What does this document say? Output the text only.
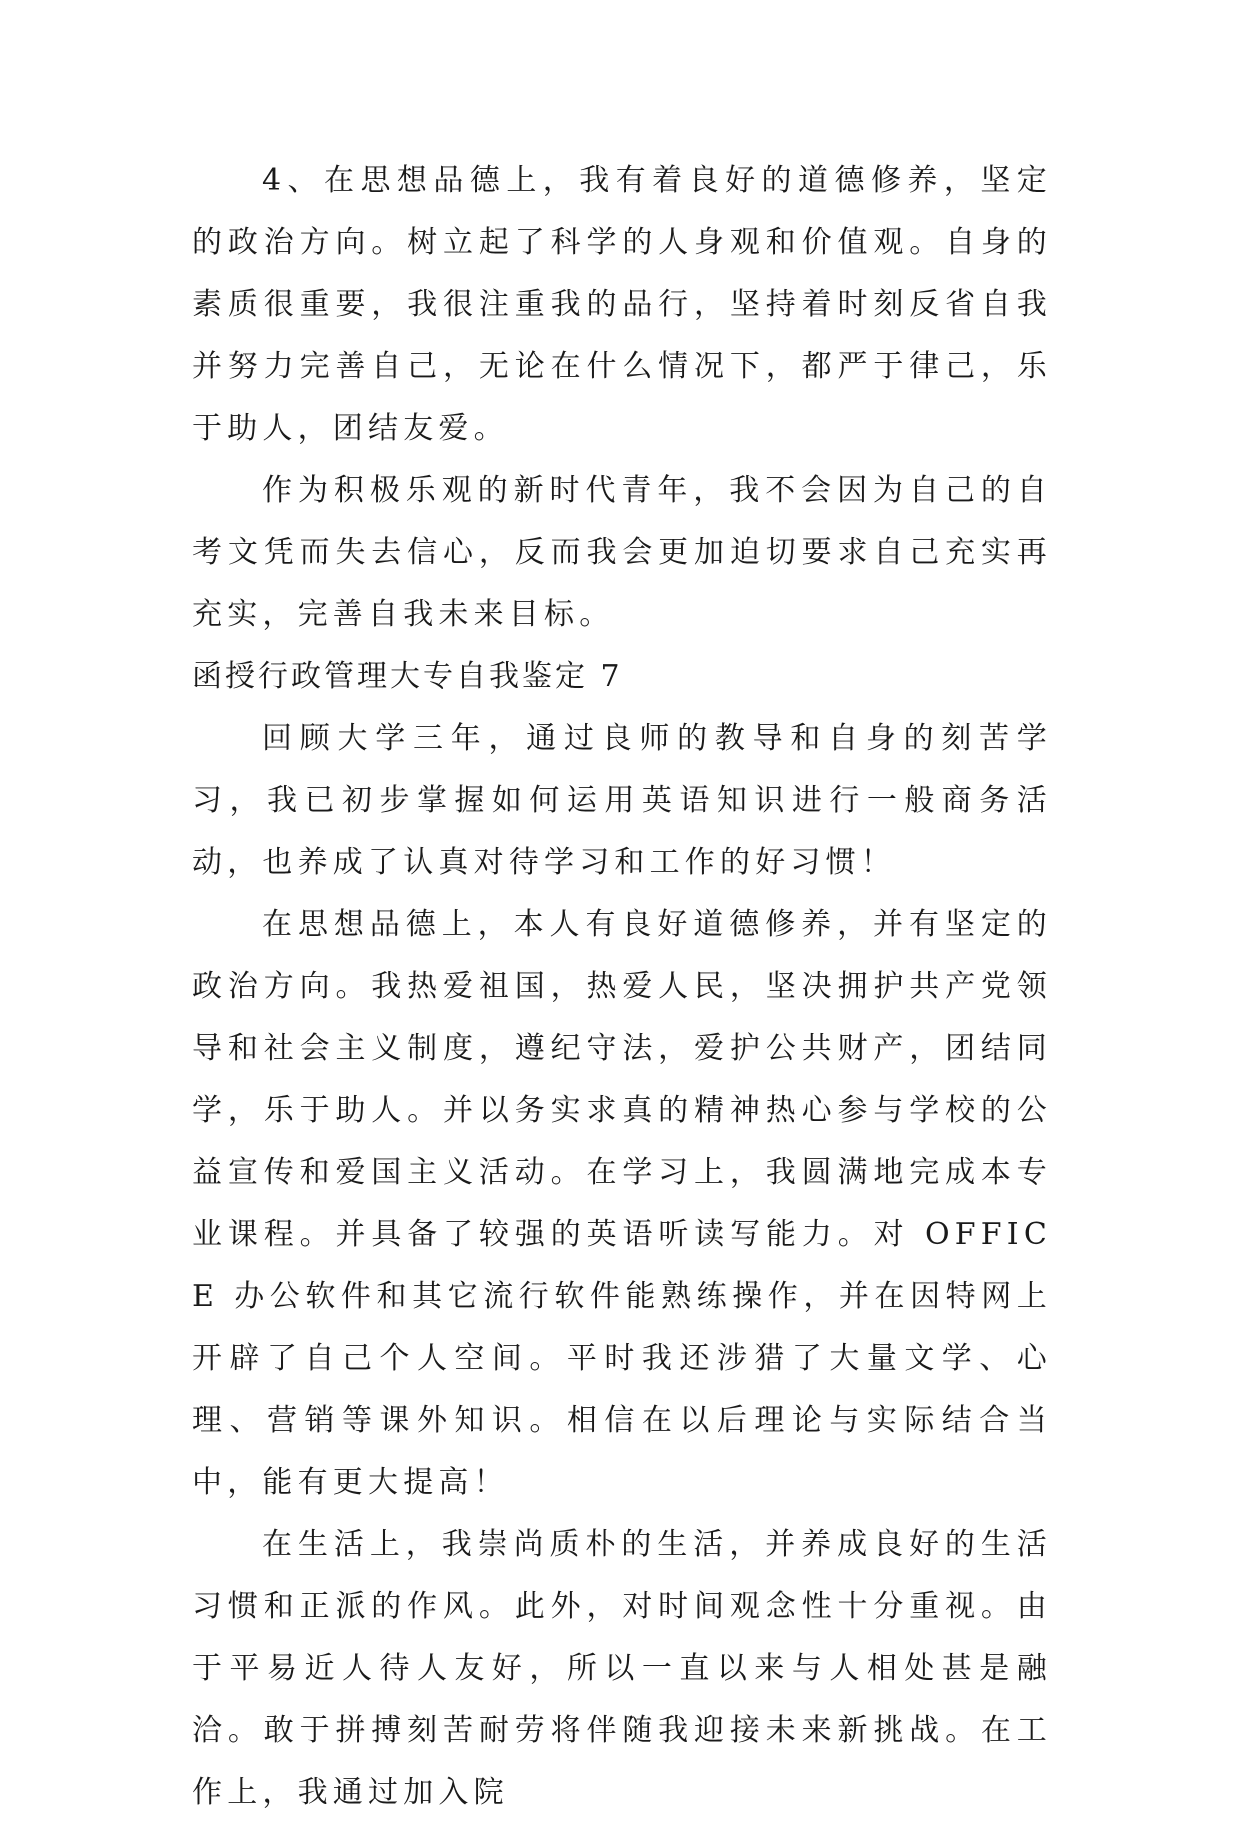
4、在思想品德上，我有着良好的道德修养，坚定的政治方向。树立起了科学的人身观和价值观。自身的素质很重要，我很注重我的品行，坚持着时刻反省自我并努力完善自己，无论在什么情况下，都严于律己，乐于助人，团结友爱。

作为积极乐观的新时代青年，我不会因为自己的自考文凭而失去信心，反而我会更加迫切要求自己充实再充实，完善自我未来目标。

函授行政管理大专自我鉴定 7

回顾大学三年，通过良师的教导和自身的刻苦学习，我已初步掌握如何运用英语知识进行一般商务活动，也养成了认真对待学习和工作的好习惯！

在思想品德上，本人有良好道德修养，并有坚定的政治方向。我热爱祖国，热爱人民，坚决拥护共产党领导和社会主义制度，遵纪守法，爱护公共财产，团结同学，乐于助人。并以务实求真的精神热心参与学校的公益宣传和爱国主义活动。在学习上，我圆满地完成本专业课程。并具备了较强的英语听读写能力。对 OFFICE 办公软件和其它流行软件能熟练操作，并在因特网上开辟了自己个人空间。平时我还涉猎了大量文学、心理、营销等课外知识。相信在以后理论与实际结合当中，能有更大提高！

在生活上，我崇尚质朴的生活，并养成良好的生活习惯和正派的作风。此外，对时间观念性十分重视。由于平易近人待人友好，所以一直以来与人相处甚是融洽。敢于拼搏刻苦耐劳将伴随我迎接未来新挑战。在工作上，我通过加入院
